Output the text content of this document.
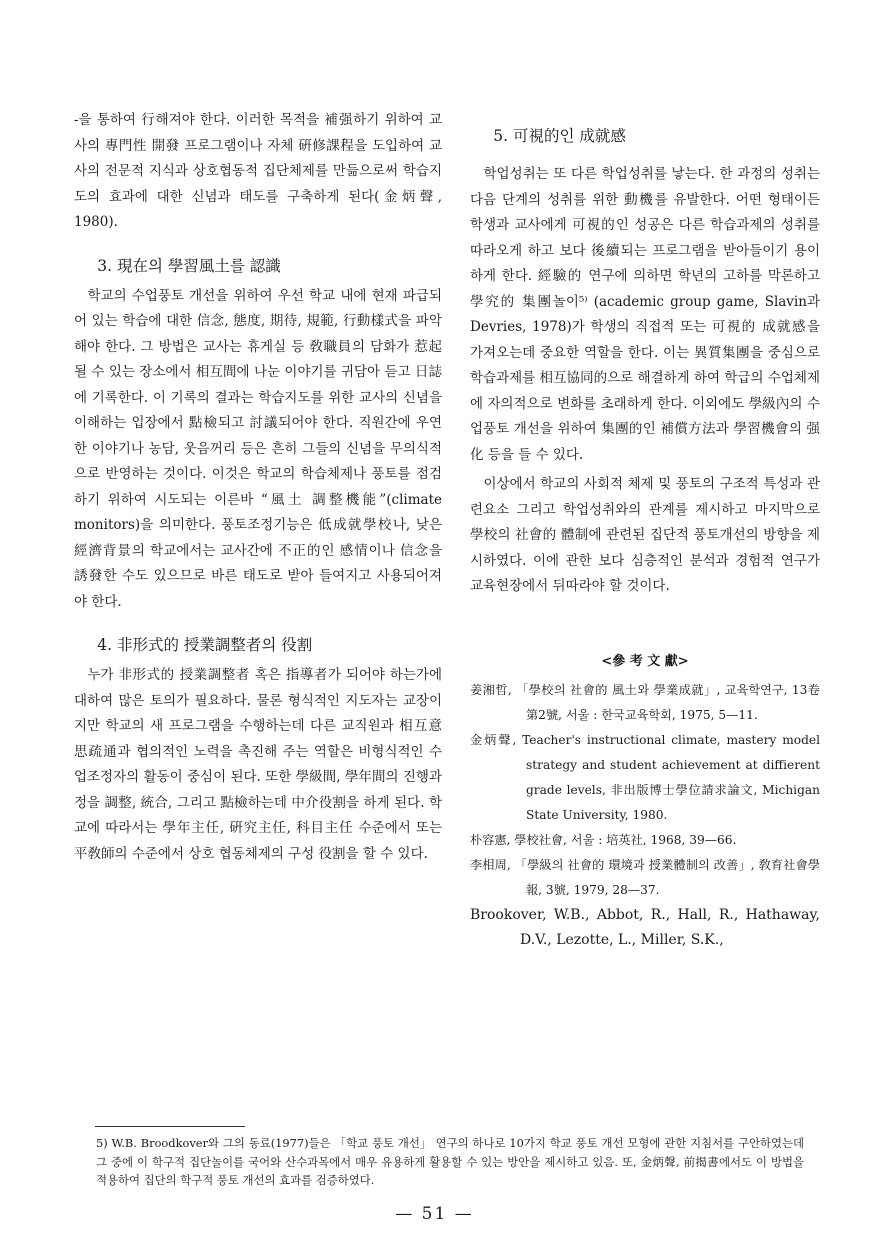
-을 통하여 行해져야 한다. 이러한 목적을 補强하기 위하여 교사의 專門性 開發 프로그램이나 자체 硏修課程을 도입하여 교사의 전문적 지식과 상호협동적 집단체제를 만듦으로써 학습지도의 효과에 대한 신념과 태도를 구축하게 된다(金炳聲, 1980).

3. 現在의 學習風土를 認識

학교의 수업풍토 개선을 위하여 우선 학교 내에 현재 파급되어 있는 학습에 대한 信念, 態度, 期待, 規範, 行動樣式을 파악해야 한다. 그 방법은 교사는 휴게실 등 敎職員의 담화가 惹起될 수 있는 장소에서 相互間에 나눈 이야기를 귀담아 듣고 日誌에 기록한다. 이 기록의 결과는 학습지도를 위한 교사의 신념을 이해하는 입장에서 點檢되고 討議되어야 한다. 직원간에 우연한 이야기나 농담, 웃음꺼리 등은 흔히 그들의 신념을 무의식적으로 반영하는 것이다. 이것은 학교의 학습체제나 풍토를 점검하기 위하여 시도되는 이른바 “風土 調整機能”(climate monitors)을 의미한다. 풍토조정기능은 低成就學校나, 낮은 經濟背景의 학교에서는 교사간에 不正的인 感情이나 信念을 誘發한 수도 있으므로 바른 태도로 받아 들여지고 사용되어져야 한다.

4. 非形式的 授業調整者의 役割

누가 非形式的 授業調整者 혹은 指導者가 되어야 하는가에 대하여 많은 토의가 필요하다. 물론 형식적인 지도자는 교장이지만 학교의 새 프로그램을 수행하는데 다른 교직원과 相互意思疏通과 협의적인 노력을 촉진해 주는 역할은 비형식적인 수업조정자의 활동이 중심이 된다. 또한 學級間, 學年間의 진행과정을 調整, 統合, 그리고 點檢하는데 中介役割을 하게 된다. 학교에 따라서는 學年主任, 硏究主任, 科目主任 수준에서 또는 平敎師의 수준에서 상호 협동체제의 구성 役割을 할 수 있다.

5. 可視的인 成就感

학업성취는 또 다른 학업성취를 낳는다. 한 과정의 성취는 다음 단계의 성취를 위한 動機를 유발한다. 어떤 형태이든 학생과 교사에게 可視的인 성공은 다른 학습과제의 성취를 따라오게 하고 보다 後續되는 프로그램을 받아들이기 용이하게 한다. 經驗的 연구에 의하면 학년의 고하를 막론하고 學究的 集團놀이⁵⁾ (academic group game, Slavin과 Devries, 1978)가 학생의 직접적 또는 可視的 成就感을 가져오는데 중요한 역할을 한다. 이는 異質集團을 중심으로 학습과제를 相互協同的으로 해결하게 하여 학급의 수업체제에 자의적으로 변화를 초래하게 한다. 이외에도 學級內의 수업풍토 개선을 위하여 集團的인 補償方法과 學習機會의 强化 등을 들 수 있다.

이상에서 학교의 사회적 체제 및 풍토의 구조적 특성과 관련요소 그리고 학업성취와의 관계를 제시하고 마지막으로 學校의 社會的 體制에 관련된 집단적 풍토개선의 방향을 제시하였다. 이에 관한 보다 심층적인 분석과 경험적 연구가 교육현장에서 뒤따라야 할 것이다.

<參 考 文 獻>

姜湘哲, 「學校의 社會的 風土와 學業成就」, 교육학연구, 13卷 第2號, 서울 : 한국교육학회, 1975, 5—11.

金炳聲, Teacher's instructional climate, mastery model strategy and student achievement at diffierent grade levels, 非出版博士學位請求論文, Michigan State University, 1980.

朴容憲, 學校社會, 서울 : 培英社, 1968, 39—66.

李相周, 「學級의 社會的 環境과 授業體制의 改善」, 敎育社會學報, 3號, 1979, 28—37.

Brookover, W.B., Abbot, R., Hall, R., Hathaway, D.V., Lezotte, L., Miller, S.K.,

5) W.B. Broodkover와 그의 동료(1977)들은 「학교 풍토 개선」 연구의 하나로 10가지 학교 풍토 개선 모형에 관한 지침서를 구안하였는데 그 중에 이 학구적 집단놀이를 국어와 산수과목에서 매우 유용하게 활용할 수 있는 방안을 제시하고 있음. 또, 金炳聲, 前揭書에서도 이 방법을 적용하여 집단의 학구적 풍토 개선의 효과를 검증하였다.

— 51 —
